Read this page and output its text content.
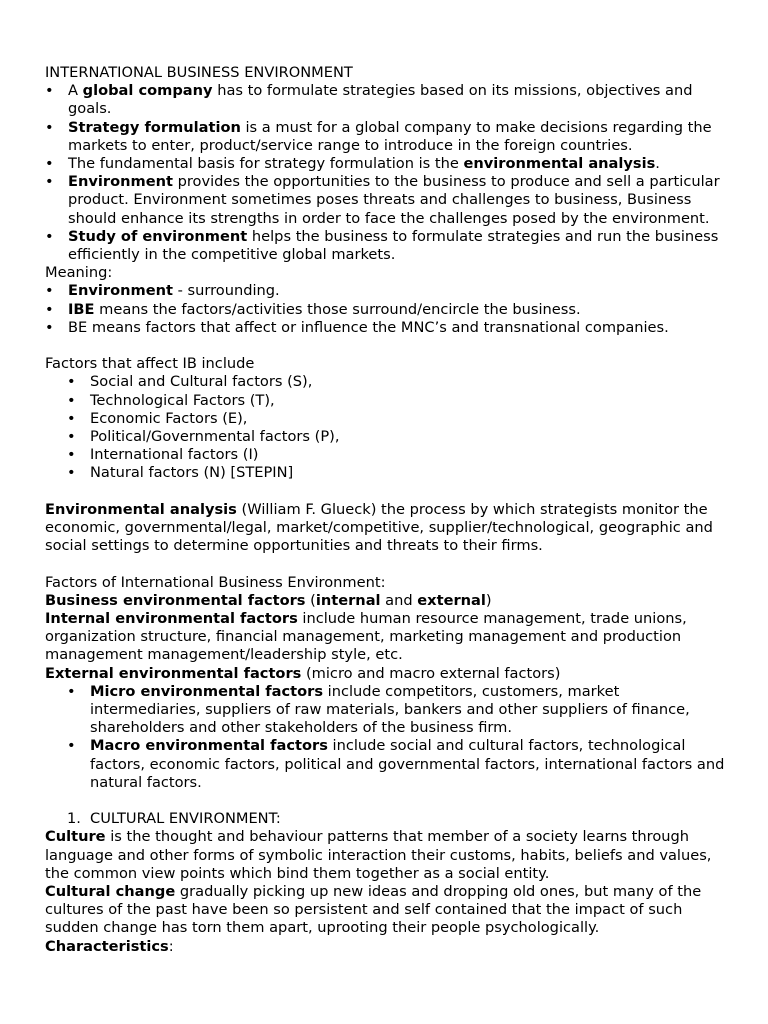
INTERNATIONAL BUSINESS ENVIRONMENT

• A global company has to formulate strategies based on its missions, objectives and goals.
• Strategy formulation is a must for a global company to make decisions regarding the markets to enter, product/service range to introduce in the foreign countries.
• The fundamental basis for strategy formulation is the environmental analysis.
• Environment provides the opportunities to the business to produce and sell a particular product. Environment sometimes poses threats and challenges to business, Business should enhance its strengths in order to face the challenges posed by the environment.
• Study of environment helps the business to formulate strategies and run the business efficiently in the competitive global markets.

Meaning:

• Environment - surrounding.
• IBE means the factors/activities those surround/encircle the business.
• BE means factors that affect or influence the MNC’s and transnational companies.

Factors that affect IB include

• Social and Cultural factors (S),
• Technological Factors (T),
• Economic Factors (E),
• Political/Governmental factors (P),
• International factors (I)
• Natural factors (N) [STEPIN]

Environmental analysis (William F. Glueck) the process by which strategists monitor the economic, governmental/legal, market/competitive, supplier/technological, geographic and social settings to determine opportunities and threats to their firms.

Factors of International Business Environment:

Business environmental factors (internal and external)

Internal environmental factors include human resource management, trade unions, organization structure, financial management, marketing management and production management management/leadership style, etc.

External environmental factors (micro and macro external factors)

• Micro environmental factors include competitors, customers, market intermediaries, suppliers of raw materials, bankers and other suppliers of finance, shareholders and other stakeholders of the business firm.
• Macro environmental factors include social and cultural factors, technological factors, economic factors, political and governmental factors, international factors and natural factors.
1. CULTURAL ENVIRONMENT:

Culture is the thought and behaviour patterns that member of a society learns through language and other forms of symbolic interaction their customs, habits, beliefs and values, the common view points which bind them together as a social entity.

Cultural change gradually picking up new ideas and dropping old ones, but many of the cultures of the past have been so persistent and self contained that the impact of such sudden change has torn them apart, uprooting their people psychologically.

Characteristics:
